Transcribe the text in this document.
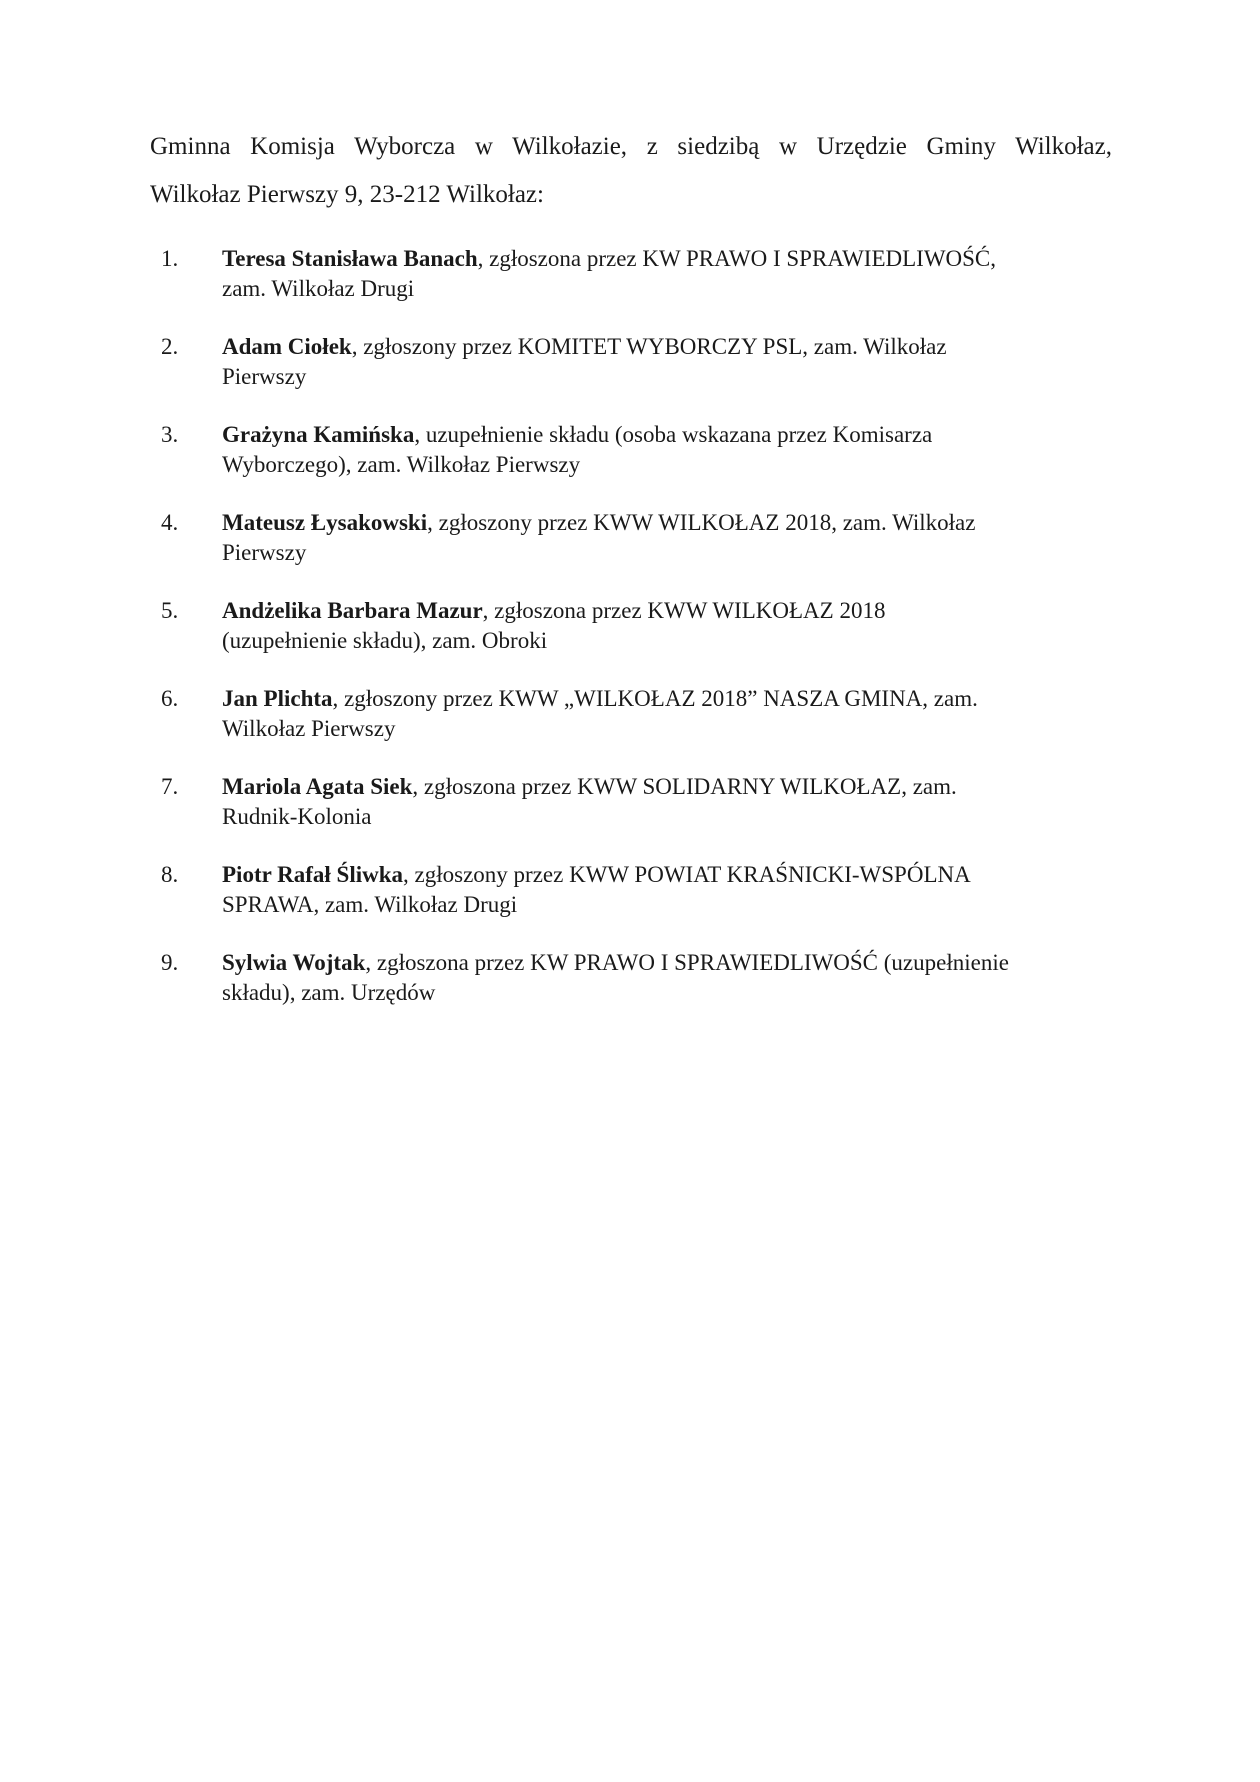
Gminna Komisja Wyborcza w Wilkołazie, z siedzibą w Urzędzie Gminy Wilkołaz,
Wilkołaz Pierwszy 9, 23-212 Wilkołaz:

1. Teresa Stanisława Banach, zgłoszona przez KW PRAWO I SPRAWIEDLIWOŚĆ,
zam. Wilkołaz Drugi
2. Adam Ciołek, zgłoszony przez KOMITET WYBORCZY PSL, zam. Wilkołaz
Pierwszy
3. Grażyna Kamińska, uzupełnienie składu (osoba wskazana przez Komisarza
Wyborczego), zam. Wilkołaz Pierwszy
4. Mateusz Łysakowski, zgłoszony przez KWW WILKOŁAZ 2018, zam. Wilkołaz
Pierwszy
5. Andżelika Barbara Mazur, zgłoszona przez KWW WILKOŁAZ 2018
(uzupełnienie składu), zam. Obroki
6. Jan Plichta, zgłoszony przez KWW „WILKOŁAZ 2018” NASZA GMINA, zam.
Wilkołaz Pierwszy
7. Mariola Agata Siek, zgłoszona przez KWW SOLIDARNY WILKOŁAZ, zam.
Rudnik-Kolonia
8. Piotr Rafał Śliwka, zgłoszony przez KWW POWIAT KRAŚNICKI-WSPÓLNA
SPRAWA, zam. Wilkołaz Drugi
9. Sylwia Wojtak, zgłoszona przez KW PRAWO I SPRAWIEDLIWOŚĆ (uzupełnienie
składu), zam. Urzędów
